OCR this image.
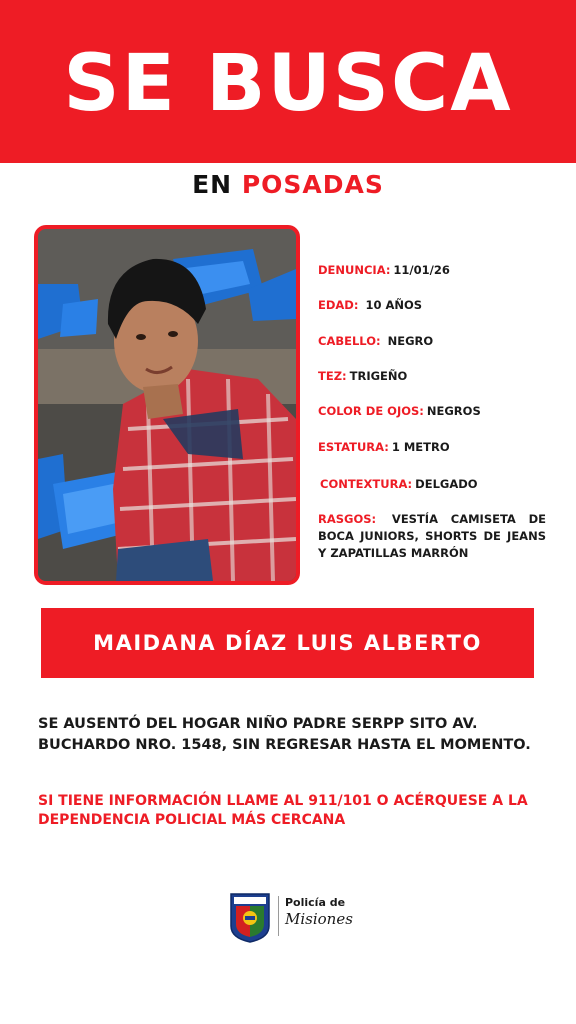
SE BUSCA
EN POSADAS
DENUNCIA: 11/01/26
EDAD: 10 AÑOS
CABELLO: NEGRO
TEZ: TRIGEÑO
COLOR DE OJOS: NEGROS
ESTATURA: 1 METRO
CONTEXTURA: DELGADO
RASGOS: VESTÍA CAMISETA DE BOCA JUNIORS, SHORTS DE JEANS Y ZAPATILLAS MARRÓN
MAIDANA DÍAZ LUIS ALBERTO
SE AUSENTÓ DEL HOGAR NIÑO PADRE SERPP SITO AV. BUCHARDO NRO. 1548, SIN REGRESAR HASTA EL MOMENTO.
SI TIENE INFORMACIÓN LLAME AL 911/101 O ACÉRQUESE A LA DEPENDENCIA POLICIAL MÁS CERCANA
Policía de
Misiones
